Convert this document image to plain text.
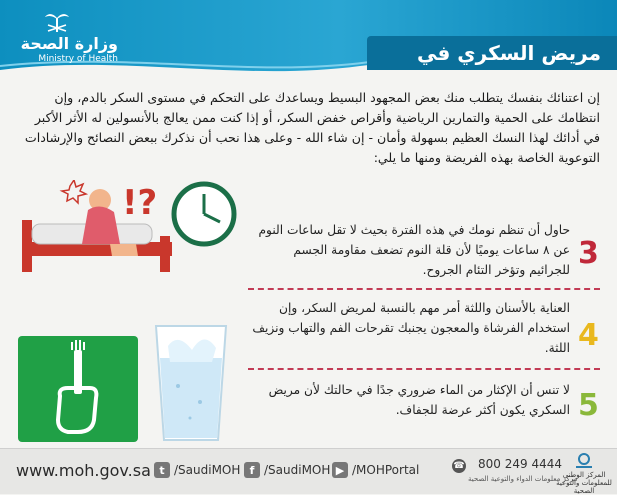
وزارة الصحة
Ministry of Health	مريض السكري في
إن اعتنائك بنفسك يتطلب منك بعض المجهود البسيط ويساعدك على التحكم في مستوى السكر بالدم، وإن انتظامك على الحمية والتمارين الرياضية وأقراص خفض السكر، أو إذا كنت ممن يعالج بالأنسولين له الأثر الأكبر في أدائك لهذا النسك العظيم بسهولة وأمان - إن شاء الله - وعلى هذا نحب أن نذكرك ببعض النصائح والإرشادات التوعوية الخاصة بهذه الفريضة ومنها ما يلي:
!?
3
حاول أن تنظم نومك في هذه الفترة بحيث لا تقل ساعات النوم عن ٨ ساعات يوميًا لأن قلة النوم تضعف مقاومة الجسم للجرائيم وتؤخر التئام الجروح.
4
العناية بالأسنان واللثة أمر مهم بالنسبة لمريض السكر، وإن استخدام الفرشاة والمعجون يجنبك تقرحات الفم والتهاب ونزيف اللثة.
5
لا تنس أن الإكثار من الماء ضروري جدًا في حالتك لأن مريض السكري يكون أكثر عرضة للجفاف.
www.moh.gov.sa t /SaudiMOH f /SaudiMOH ▶ /MOHPortal	☎ 800 249 4444
مركز معلومات الدواء والتوعية الصحية
المركز الوطني للمعلومات والتوعية الصحية
